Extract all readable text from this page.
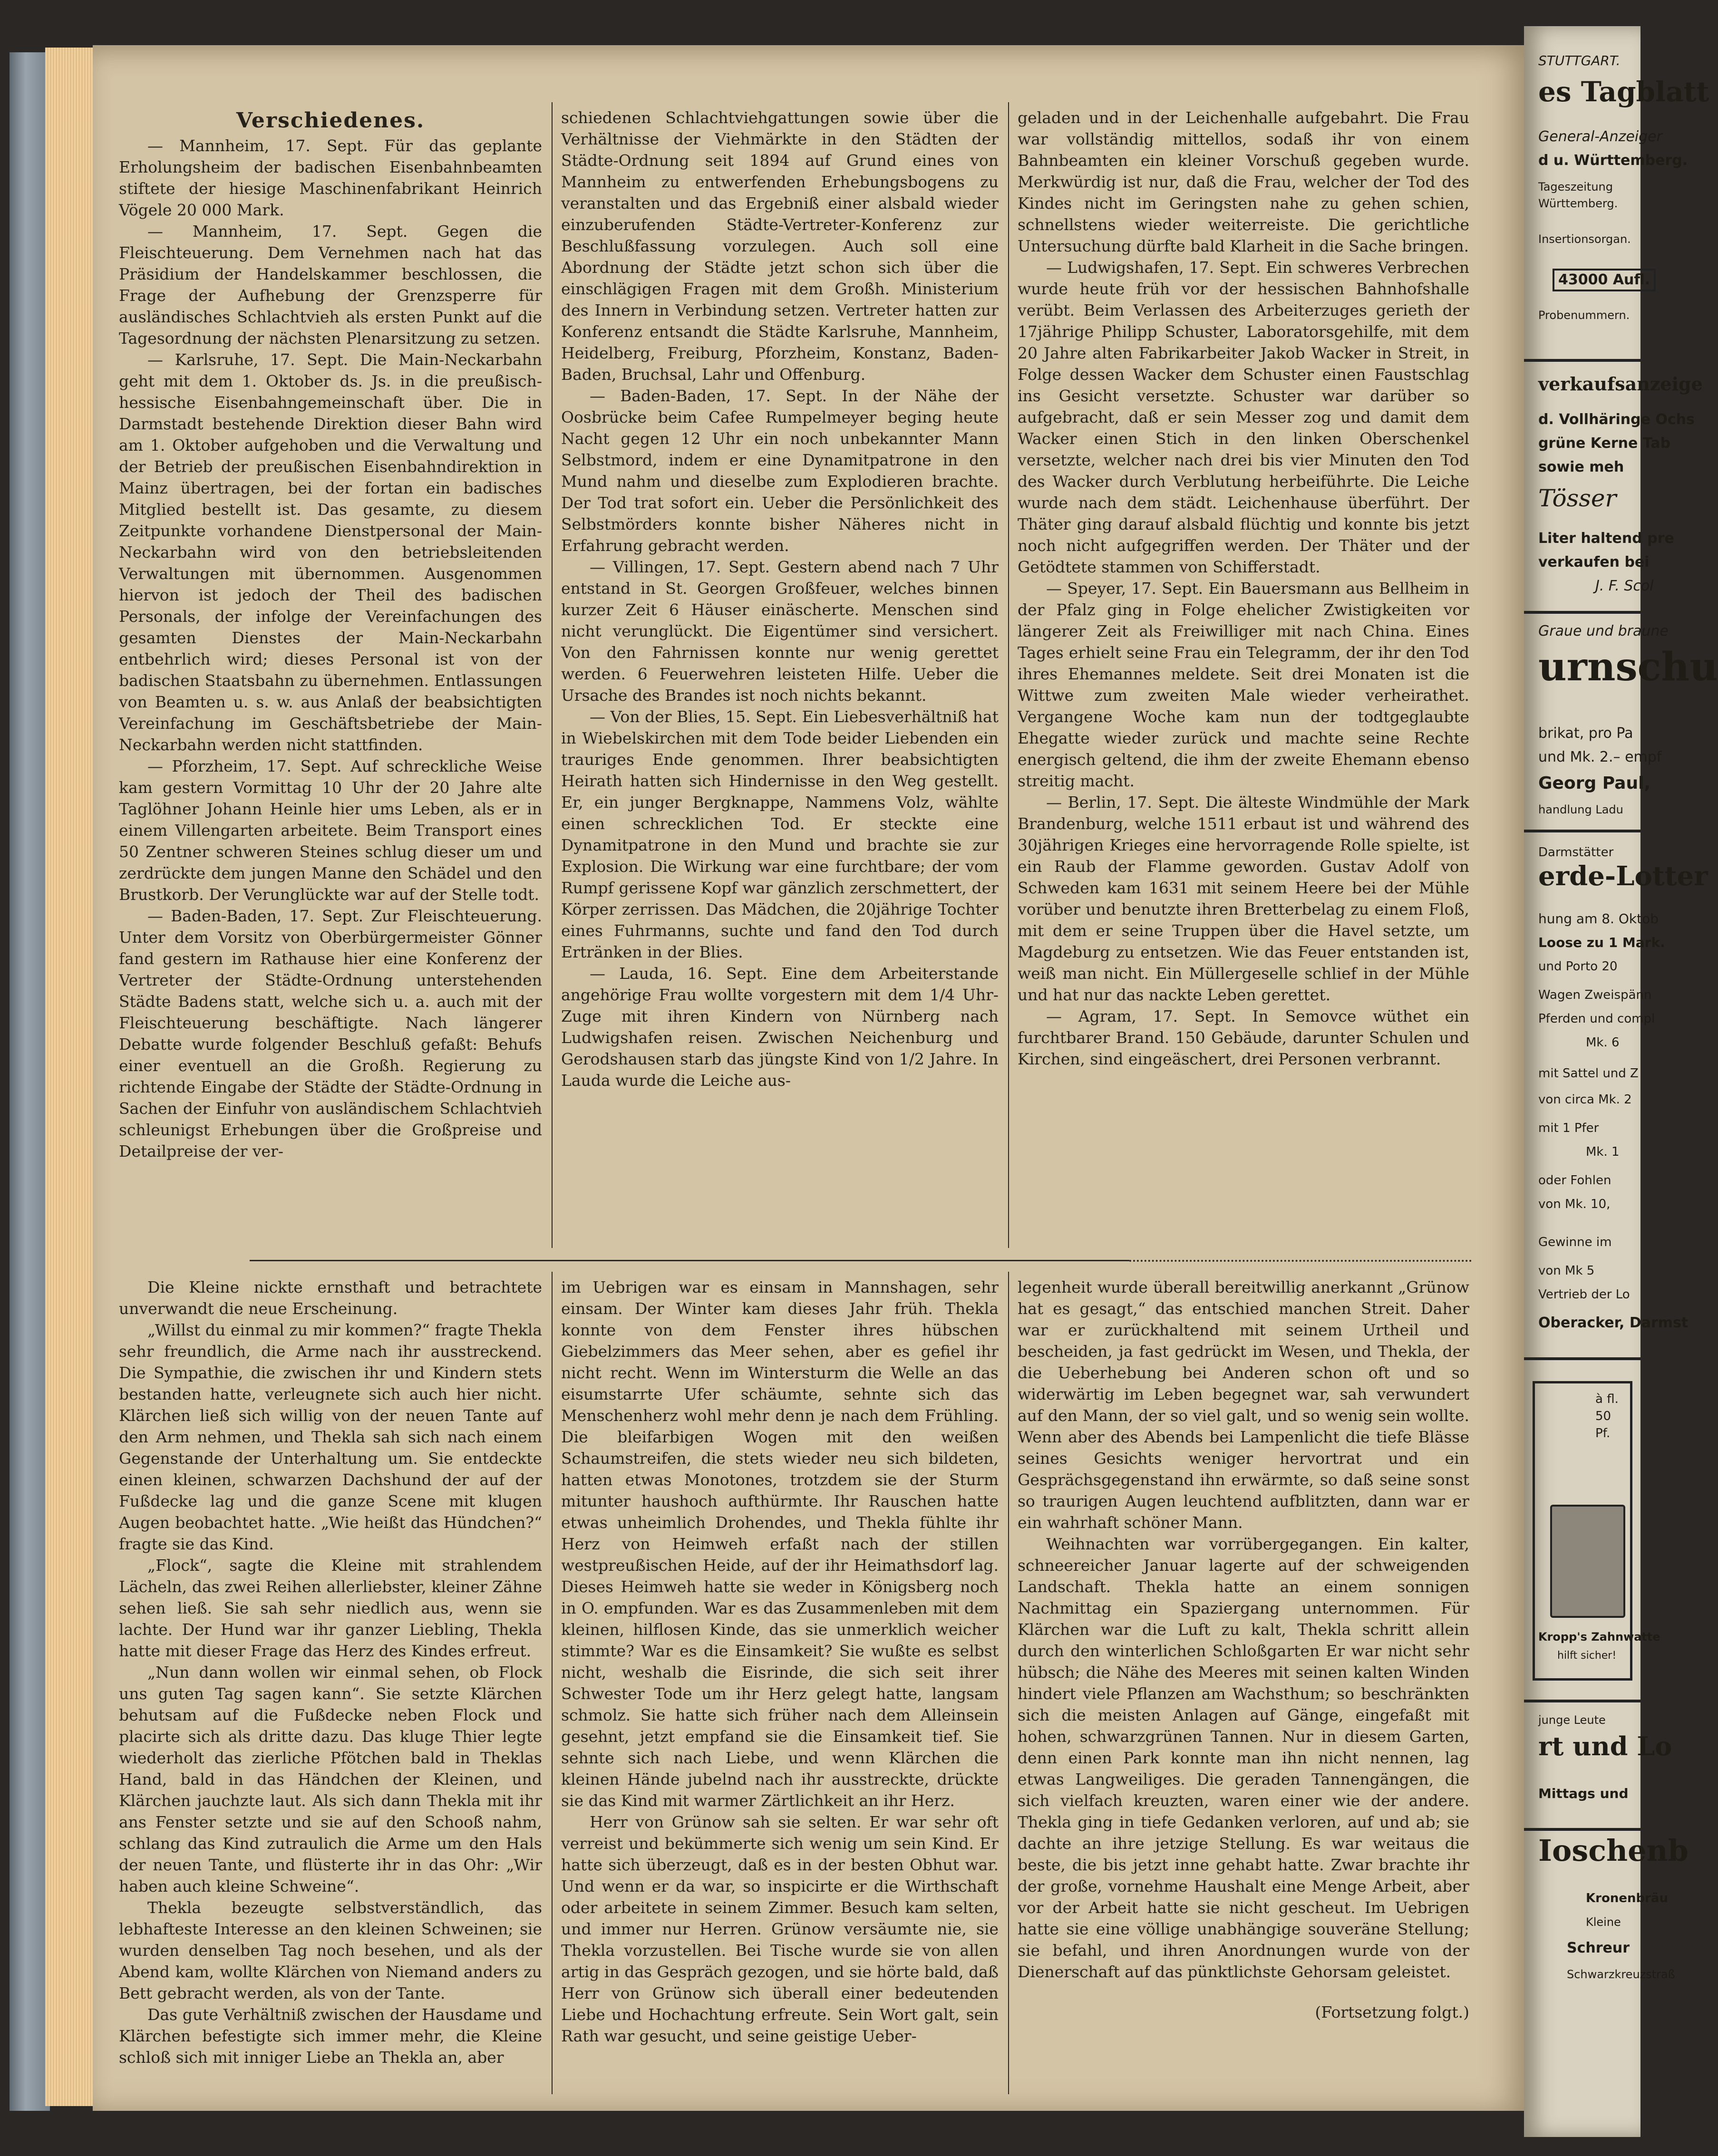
Verschiedenes.

— Mannheim, 17. Sept. Für das geplante Erholungsheim der badischen Eisenbahnbeamten stiftete der hiesige Maschinenfabrikant Heinrich Vögele 20 000 Mark.

— Mannheim, 17. Sept. Gegen die Fleischteuerung. Dem Vernehmen nach hat das Präsidium der Handelskammer beschlossen, die Frage der Aufhebung der Grenzsperre für ausländisches Schlachtvieh als ersten Punkt auf die Tagesordnung der nächsten Plenarsitzung zu setzen.

— Karlsruhe, 17. Sept. Die Main-Neckarbahn geht mit dem 1. Oktober ds. Js. in die preußisch-hessische Eisenbahngemeinschaft über. Die in Darmstadt bestehende Direktion dieser Bahn wird am 1. Oktober aufgehoben und die Verwaltung und der Betrieb der preußischen Eisenbahndirektion in Mainz übertragen, bei der fortan ein badisches Mitglied bestellt ist. Das gesamte, zu diesem Zeitpunkte vorhandene Dienstpersonal der Main-Neckarbahn wird von den betriebsleitenden Verwaltungen mit übernommen. Ausgenommen hiervon ist jedoch der Theil des badischen Personals, der infolge der Vereinfachungen des gesamten Dienstes der Main-Neckarbahn entbehrlich wird; dieses Personal ist von der badischen Staatsbahn zu übernehmen. Entlassungen von Beamten u. s. w. aus Anlaß der beabsichtigten Vereinfachung im Geschäftsbetriebe der Main-Neckarbahn werden nicht stattfinden.

— Pforzheim, 17. Sept. Auf schreckliche Weise kam gestern Vormittag 10 Uhr der 20 Jahre alte Taglöhner Johann Heinle hier ums Leben, als er in einem Villengarten arbeitete. Beim Transport eines 50 Zentner schweren Steines schlug dieser um und zerdrückte dem jungen Manne den Schädel und den Brustkorb. Der Verunglückte war auf der Stelle todt.

— Baden-Baden, 17. Sept. Zur Fleischteuerung. Unter dem Vorsitz von Oberbürgermeister Gönner fand gestern im Rathause hier eine Konferenz der Vertreter der Städte-Ordnung unterstehenden Städte Badens statt, welche sich u. a. auch mit der Fleischteuerung beschäftigte. Nach längerer Debatte wurde folgender Beschluß gefaßt: Behufs einer eventuell an die Großh. Regierung zu richtende Eingabe der Städte der Städte-Ordnung in Sachen der Einfuhr von ausländischem Schlachtvieh schleunigst Erhebungen über die Großpreise und Detailpreise der ver-

schiedenen Schlachtviehgattungen sowie über die Verhältnisse der Viehmärkte in den Städten der Städte-Ordnung seit 1894 auf Grund eines von Mannheim zu entwerfenden Erhebungsbogens zu veranstalten und das Ergebniß einer alsbald wieder einzuberufenden Städte-Vertreter-Konferenz zur Beschlußfassung vorzulegen. Auch soll eine Abordnung der Städte jetzt schon sich über die einschlägigen Fragen mit dem Großh. Ministerium des Innern in Verbindung setzen. Vertreter hatten zur Konferenz entsandt die Städte Karlsruhe, Mannheim, Heidelberg, Freiburg, Pforzheim, Konstanz, Baden-Baden, Bruchsal, Lahr und Offenburg.

— Baden-Baden, 17. Sept. In der Nähe der Oosbrücke beim Cafee Rumpelmeyer beging heute Nacht gegen 12 Uhr ein noch unbekannter Mann Selbstmord, indem er eine Dynamitpatrone in den Mund nahm und dieselbe zum Explodieren brachte. Der Tod trat sofort ein. Ueber die Persönlichkeit des Selbstmörders konnte bisher Näheres nicht in Erfahrung gebracht werden.

— Villingen, 17. Sept. Gestern abend nach 7 Uhr entstand in St. Georgen Großfeuer, welches binnen kurzer Zeit 6 Häuser einäscherte. Menschen sind nicht verunglückt. Die Eigentümer sind versichert. Von den Fahrnissen konnte nur wenig gerettet werden. 6 Feuerwehren leisteten Hilfe. Ueber die Ursache des Brandes ist noch nichts bekannt.

— Von der Blies, 15. Sept. Ein Liebesverhältniß hat in Wiebelskirchen mit dem Tode beider Liebenden ein trauriges Ende genommen. Ihrer beabsichtigten Heirath hatten sich Hindernisse in den Weg gestellt. Er, ein junger Bergknappe, Nammens Volz, wählte einen schrecklichen Tod. Er steckte eine Dynamitpatrone in den Mund und brachte sie zur Explosion. Die Wirkung war eine furchtbare; der vom Rumpf gerissene Kopf war gänzlich zerschmettert, der Körper zerrissen. Das Mädchen, die 20jährige Tochter eines Fuhrmanns, suchte und fand den Tod durch Ertränken in der Blies.

— Lauda, 16. Sept. Eine dem Arbeiterstande angehörige Frau wollte vorgestern mit dem 1/4 Uhr-Zuge mit ihren Kindern von Nürnberg nach Ludwigshafen reisen. Zwischen Neichenburg und Gerodshausen starb das jüngste Kind von 1/2 Jahre. In Lauda wurde die Leiche aus-

geladen und in der Leichenhalle aufgebahrt. Die Frau war vollständig mittellos, sodaß ihr von einem Bahnbeamten ein kleiner Vorschuß gegeben wurde. Merkwürdig ist nur, daß die Frau, welcher der Tod des Kindes nicht im Geringsten nahe zu gehen schien, schnellstens wieder weiterreiste. Die gerichtliche Untersuchung dürfte bald Klarheit in die Sache bringen.

— Ludwigshafen, 17. Sept. Ein schweres Verbrechen wurde heute früh vor der hessischen Bahnhofshalle verübt. Beim Verlassen des Arbeiterzuges gerieth der 17jährige Philipp Schuster, Laboratorsgehilfe, mit dem 20 Jahre alten Fabrikarbeiter Jakob Wacker in Streit, in Folge dessen Wacker dem Schuster einen Faustschlag ins Gesicht versetzte. Schuster war darüber so aufgebracht, daß er sein Messer zog und damit dem Wacker einen Stich in den linken Oberschenkel versetzte, welcher nach drei bis vier Minuten den Tod des Wacker durch Verblutung herbeiführte. Die Leiche wurde nach dem städt. Leichenhause überführt. Der Thäter ging darauf alsbald flüchtig und konnte bis jetzt noch nicht aufgegriffen werden. Der Thäter und der Getödtete stammen von Schifferstadt.

— Speyer, 17. Sept. Ein Bauersmann aus Bellheim in der Pfalz ging in Folge ehelicher Zwistigkeiten vor längerer Zeit als Freiwilliger mit nach China. Eines Tages erhielt seine Frau ein Telegramm, der ihr den Tod ihres Ehemannes meldete. Seit drei Monaten ist die Wittwe zum zweiten Male wieder verheirathet. Vergangene Woche kam nun der todtgeglaubte Ehegatte wieder zurück und machte seine Rechte energisch geltend, die ihm der zweite Ehemann ebenso streitig macht.

— Berlin, 17. Sept. Die älteste Windmühle der Mark Brandenburg, welche 1511 erbaut ist und während des 30jährigen Krieges eine hervorragende Rolle spielte, ist ein Raub der Flamme geworden. Gustav Adolf von Schweden kam 1631 mit seinem Heere bei der Mühle vorüber und benutzte ihren Bretterbelag zu einem Floß, mit dem er seine Truppen über die Havel setzte, um Magdeburg zu entsetzen. Wie das Feuer entstanden ist, weiß man nicht. Ein Müllergeselle schlief in der Mühle und hat nur das nackte Leben gerettet.

— Agram, 17. Sept. In Semovce wüthet ein furchtbarer Brand. 150 Gebäude, darunter Schulen und Kirchen, sind eingeäschert, drei Personen verbrannt.

Die Kleine nickte ernsthaft und betrachtete unverwandt die neue Erscheinung.

„Willst du einmal zu mir kommen?“ fragte Thekla sehr freundlich, die Arme nach ihr ausstreckend. Die Sympathie, die zwischen ihr und Kindern stets bestanden hatte, verleugnete sich auch hier nicht. Klärchen ließ sich willig von der neuen Tante auf den Arm nehmen, und Thekla sah sich nach einem Gegenstande der Unterhaltung um. Sie entdeckte einen kleinen, schwarzen Dachshund der auf der Fußdecke lag und die ganze Scene mit klugen Augen beobachtet hatte. „Wie heißt das Hündchen?“ fragte sie das Kind.

„Flock“, sagte die Kleine mit strahlendem Lächeln, das zwei Reihen allerliebster, kleiner Zähne sehen ließ. Sie sah sehr niedlich aus, wenn sie lachte. Der Hund war ihr ganzer Liebling, Thekla hatte mit dieser Frage das Herz des Kindes erfreut.

„Nun dann wollen wir einmal sehen, ob Flock uns guten Tag sagen kann“. Sie setzte Klärchen behutsam auf die Fußdecke neben Flock und placirte sich als dritte dazu. Das kluge Thier legte wiederholt das zierliche Pfötchen bald in Theklas Hand, bald in das Händchen der Kleinen, und Klärchen jauchzte laut. Als sich dann Thekla mit ihr ans Fenster setzte und sie auf den Schooß nahm, schlang das Kind zutraulich die Arme um den Hals der neuen Tante, und flüsterte ihr in das Ohr: „Wir haben auch kleine Schweine“.

Thekla bezeugte selbstverständlich, das lebhafteste Interesse an den kleinen Schweinen; sie wurden denselben Tag noch besehen, und als der Abend kam, wollte Klärchen von Niemand anders zu Bett gebracht werden, als von der Tante.

Das gute Verhältniß zwischen der Hausdame und Klärchen befestigte sich immer mehr, die Kleine schloß sich mit inniger Liebe an Thekla an, aber

im Uebrigen war es einsam in Mannshagen, sehr einsam. Der Winter kam dieses Jahr früh. Thekla konnte von dem Fenster ihres hübschen Giebelzimmers das Meer sehen, aber es gefiel ihr nicht recht. Wenn im Wintersturm die Welle an das eisumstarrte Ufer schäumte, sehnte sich das Menschenherz wohl mehr denn je nach dem Frühling. Die bleifarbigen Wogen mit den weißen Schaumstreifen, die stets wieder neu sich bildeten, hatten etwas Monotones, trotzdem sie der Sturm mitunter haushoch aufthürmte. Ihr Rauschen hatte etwas unheimlich Drohendes, und Thekla fühlte ihr Herz von Heimweh erfaßt nach der stillen westpreußischen Heide, auf der ihr Heimathsdorf lag. Dieses Heimweh hatte sie weder in Königsberg noch in O. empfunden. War es das Zusammenleben mit dem kleinen, hilflosen Kinde, das sie unmerklich weicher stimmte? War es die Einsamkeit? Sie wußte es selbst nicht, weshalb die Eisrinde, die sich seit ihrer Schwester Tode um ihr Herz gelegt hatte, langsam schmolz. Sie hatte sich früher nach dem Alleinsein gesehnt, jetzt empfand sie die Einsamkeit tief. Sie sehnte sich nach Liebe, und wenn Klärchen die kleinen Hände jubelnd nach ihr ausstreckte, drückte sie das Kind mit warmer Zärtlichkeit an ihr Herz.

Herr von Grünow sah sie selten. Er war sehr oft verreist und bekümmerte sich wenig um sein Kind. Er hatte sich überzeugt, daß es in der besten Obhut war. Und wenn er da war, so inspicirte er die Wirthschaft oder arbeitete in seinem Zimmer. Besuch kam selten, und immer nur Herren. Grünow versäumte nie, sie Thekla vorzustellen. Bei Tische wurde sie von allen artig in das Gespräch gezogen, und sie hörte bald, daß Herr von Grünow sich überall einer bedeutenden Liebe und Hochachtung erfreute. Sein Wort galt, sein Rath war gesucht, und seine geistige Ueber-

legenheit wurde überall bereitwillig anerkannt „Grünow hat es gesagt,“ das entschied manchen Streit. Daher war er zurückhaltend mit seinem Urtheil und bescheiden, ja fast gedrückt im Wesen, und Thekla, der die Ueberhebung bei Anderen schon oft und so widerwärtig im Leben begegnet war, sah verwundert auf den Mann, der so viel galt, und so wenig sein wollte. Wenn aber des Abends bei Lampenlicht die tiefe Blässe seines Gesichts weniger hervortrat und ein Gesprächsgegenstand ihn erwärmte, so daß seine sonst so traurigen Augen leuchtend aufblitzten, dann war er ein wahrhaft schöner Mann.

Weihnachten war vorrübergegangen. Ein kalter, schneereicher Januar lagerte auf der schweigenden Landschaft. Thekla hatte an einem sonnigen Nachmittag ein Spaziergang unternommen. Für Klärchen war die Luft zu kalt, Thekla schritt allein durch den winterlichen Schloßgarten Er war nicht sehr hübsch; die Nähe des Meeres mit seinen kalten Winden hindert viele Pflanzen am Wachsthum; so beschränkten sich die meisten Anlagen auf Gänge, eingefaßt mit hohen, schwarzgrünen Tannen. Nur in diesem Garten, denn einen Park konnte man ihn nicht nennen, lag etwas Langweiliges. Die geraden Tannengängen, die sich vielfach kreuzten, waren einer wie der andere. Thekla ging in tiefe Gedanken verloren, auf und ab; sie dachte an ihre jetzige Stellung. Es war weitaus die beste, die bis jetzt inne gehabt hatte. Zwar brachte ihr der große, vornehme Haushalt eine Menge Arbeit, aber vor der Arbeit hatte sie nicht gescheut. Im Uebrigen hatte sie eine völlige unabhängige souveräne Stellung; sie befahl, und ihren Anordnungen wurde von der Dienerschaft auf das pünktlichste Gehorsam geleistet.

(Fortsetzung folgt.)

STUTTGART.
es Tagblatt
General-Anzeiger
d u. Württemberg.
Tageszeitung
Württemberg.
Insertionsorgan.
43000 Aufl.
Probenummern.
verkaufsanzeige
d. Vollhäringe Ochs
grüne Kerne Tab
sowie meh
Tösser
Liter haltend pre
verkaufen bei
J. F. Scol
Graue und braune
urnschu
brikat, pro Pa
und Mk. 2.– empf
Georg Paul,
handlung Ladu
Darmstätter
erde-Lotter
hung am 8. Oktob
Loose zu 1 Mark.
und Porto 20
Wagen Zweispänn
Pferden und compl
Mk. 6
mit Sattel und Z
von circa Mk. 2
mit 1 Pfer
Mk. 1
oder Fohlen
von Mk. 10,
Gewinne im
von Mk 5
Vertrieb der Lo
Oberacker, Darmst
à fl. 50 Pf.
Kropp's Zahnwatte
hilft sicher!
junge Leute
rt und Lo
Mittags und
Ioschenb
Kronenbräu
Kleine
Schreur
Schwarzkreuzstraß
